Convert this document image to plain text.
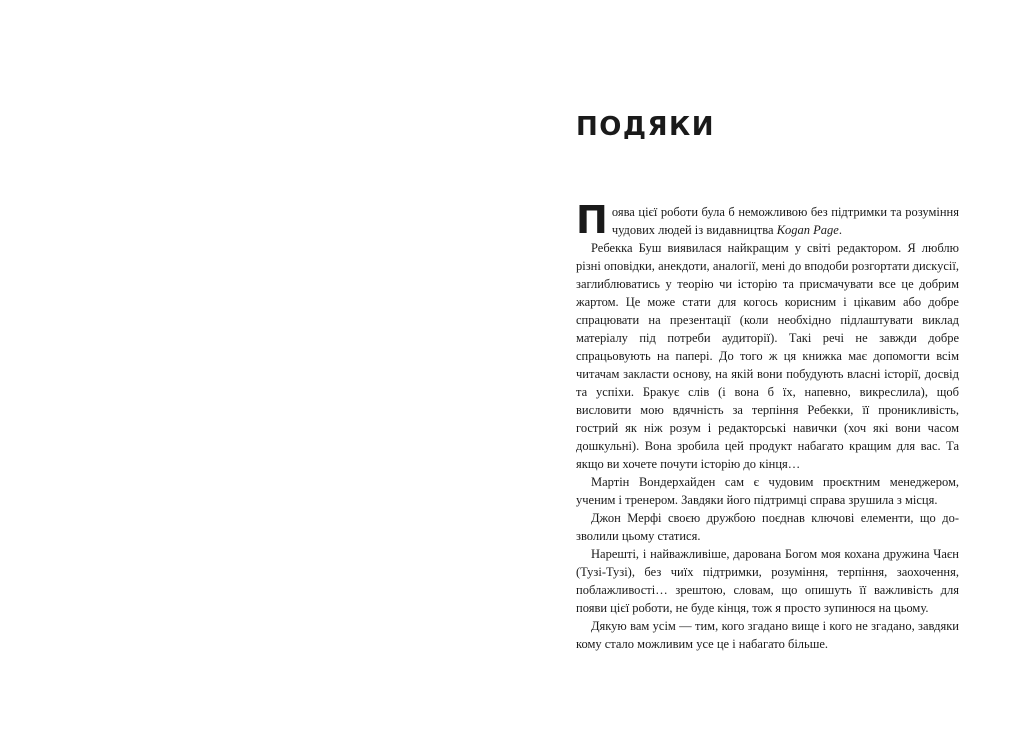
ПОДЯКИ

Поява цієї роботи була б неможливою без підтримки та розуміння чудових людей із видавництва Kogan Page.

Ребекка Буш виявилася найкращим у світі редактором. Я люблю різні оповідки, анекдоти, аналогії, мені до вподоби розгортати дискусії, заглиблюватись у теорію чи історію та присмачувати все це добрим жартом. Це може стати для когось корисним і цікавим або добре спрацювати на презентації (коли необхідно підлаштувати виклад матеріалу під потреби аудиторії). Такі речі не завжди добре спрацьовують на папері. До того ж ця книжка має допомогти всім читачам закласти основу, на якій вони побудують власні історії, досвід та успіхи. Бракує слів (і вона б їх, напевно, викреслила), щоб висловити мою вдячність за терпіння Ребекки, її проникливість, гострий як ніж розум і редакторські навички (хоч які вони часом дошкульні). Вона зробила цей продукт набагато кращим для вас. Та якщо ви хочете почути історію до кінця…

Мартін Вондерхайден сам є чудовим проєктним менеджером, ученим і тренером. Завдяки його підтримці справа зрушила з місця.

Джон Мерфі своєю дружбою поєднав ключові елементи, що дозволили цьому статися.

Нарешті, і найважливіше, дарована Богом моя кохана дружина Чаєн (Тузі-Тузі), без чиїх підтримки, розуміння, терпіння, заохочення, поблажливості… зрештою, словам, що опишуть її важливість для появи цієї роботи, не буде кінця, тож я просто зупинюся на цьому.

Дякую вам усім — тим, кого згадано вище і кого не згадано, завдяки кому стало можливим усе це і набагато більше.
